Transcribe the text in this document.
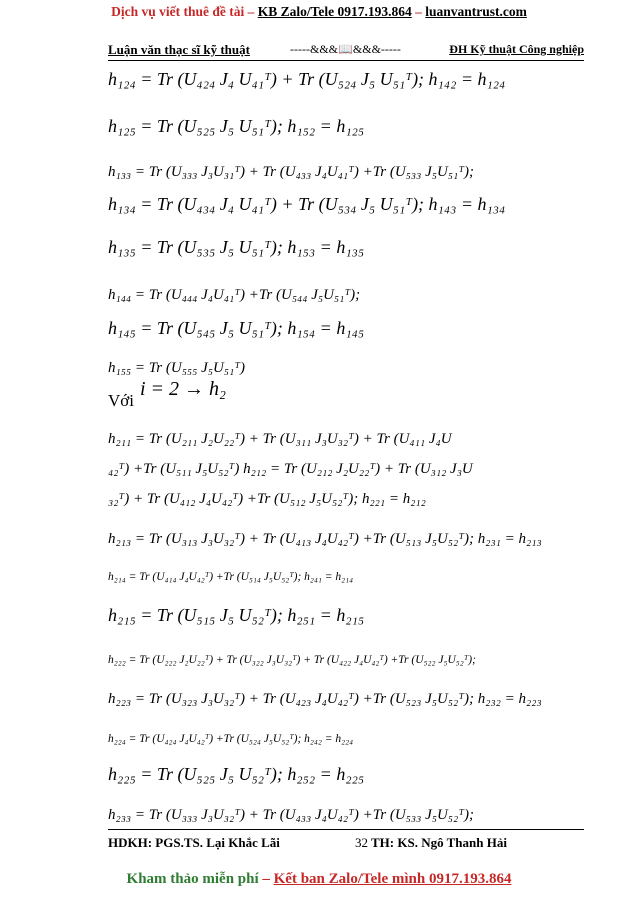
Dịch vụ viết thuê đề tài – KB Zalo/Tele 0917.193.864 – luanvantrust.com
Luận văn thạc sĩ kỹ thuật	-----&&&📖&&&-----	ĐH Kỹ thuật Công nghiệp
h₁₂₄ = Tr (U₄₂₄ J₄ U₄₁ᵀ) + Tr (U₅₂₄ J₅ U₅₁ᵀ); h₁₄₂ = h₁₂₄
h₁₂₅ = Tr (U₅₂₅ J₅ U₅₁ᵀ); h₁₅₂ = h₁₂₅
h₁₃₃ = Tr (U₃₃₃ J₃U₃₁ᵀ) + Tr (U₄₃₃ J₄U₄₁ᵀ) +Tr (U₅₃₃ J₅U₅₁ᵀ);
h₁₃₄ = Tr (U₄₃₄ J₄ U₄₁ᵀ) + Tr (U₅₃₄ J₅ U₅₁ᵀ); h₁₄₃ = h₁₃₄
h₁₃₅ = Tr (U₅₃₅ J₅ U₅₁ᵀ); h₁₅₃ = h₁₃₅
h₁₄₄ = Tr (U₄₄₄ J₄U₄₁ᵀ) +Tr (U₅₄₄ J₅U₅₁ᵀ);
h₁₄₅ = Tr (U₅₄₅ J₅ U₅₁ᵀ); h₁₅₄ = h₁₄₅
h₁₅₅ = Tr (U₅₅₅ J₅U₅₁ᵀ)
Với
i = 2 → h₂
h₂₁₁ = Tr (U₂₁₁ J₂U₂₂ᵀ) + Tr (U₃₁₁ J₃U₃₂ᵀ) + Tr (U₄₁₁ J₄U
₄₂ᵀ) +Tr (U₅₁₁ J₅U₅₂ᵀ) h₂₁₂ = Tr (U₂₁₂ J₂U₂₂ᵀ) + Tr (U₃₁₂ J₃U
₃₂ᵀ) + Tr (U₄₁₂ J₄U₄₂ᵀ) +Tr (U₅₁₂ J₅U₅₂ᵀ); h₂₂₁ = h₂₁₂
h₂₁₃ = Tr (U₃₁₃ J₃U₃₂ᵀ) + Tr (U₄₁₃ J₄U₄₂ᵀ) +Tr (U₅₁₃ J₅U₅₂ᵀ); h₂₃₁ = h₂₁₃
h₂₁₄ = Tr (U₄₁₄ J₄U₄₂ᵀ) +Tr (U₅₁₄ J₅U₅₂ᵀ); h₂₄₁ = h₂₁₄
h₂₁₅ = Tr (U₅₁₅ J₅ U₅₂ᵀ); h₂₅₁ = h₂₁₅
h₂₂₂ = Tr (U₂₂₂ J₂U₂₂ᵀ) + Tr (U₃₂₂ J₃U₃₂ᵀ) + Tr (U₄₂₂ J₄U₄₂ᵀ) +Tr (U₅₂₂ J₅U₅₂ᵀ);
h₂₂₃ = Tr (U₃₂₃ J₃U₃₂ᵀ) + Tr (U₄₂₃ J₄U₄₂ᵀ) +Tr (U₅₂₃ J₅U₅₂ᵀ); h₂₃₂ = h₂₂₃
h₂₂₄ = Tr (U₄₂₄ J₄U₄₂ᵀ) +Tr (U₅₂₄ J₅U₅₂ᵀ); h₂₄₂ = h₂₂₄
h₂₂₅ = Tr (U₅₂₅ J₅ U₅₂ᵀ); h₂₅₂ = h₂₂₅
h₂₃₃ = Tr (U₃₃₃ J₃U₃₂ᵀ) + Tr (U₄₃₃ J₄U₄₂ᵀ) +Tr (U₅₃₃ J₅U₅₂ᵀ);
HDKH: PGS.TS. Lại Khắc Lãi	32 TH: KS. Ngô Thanh Hải
Kham thảo miễn phí – Kết ban Zalo/Tele mình 0917.193.864
